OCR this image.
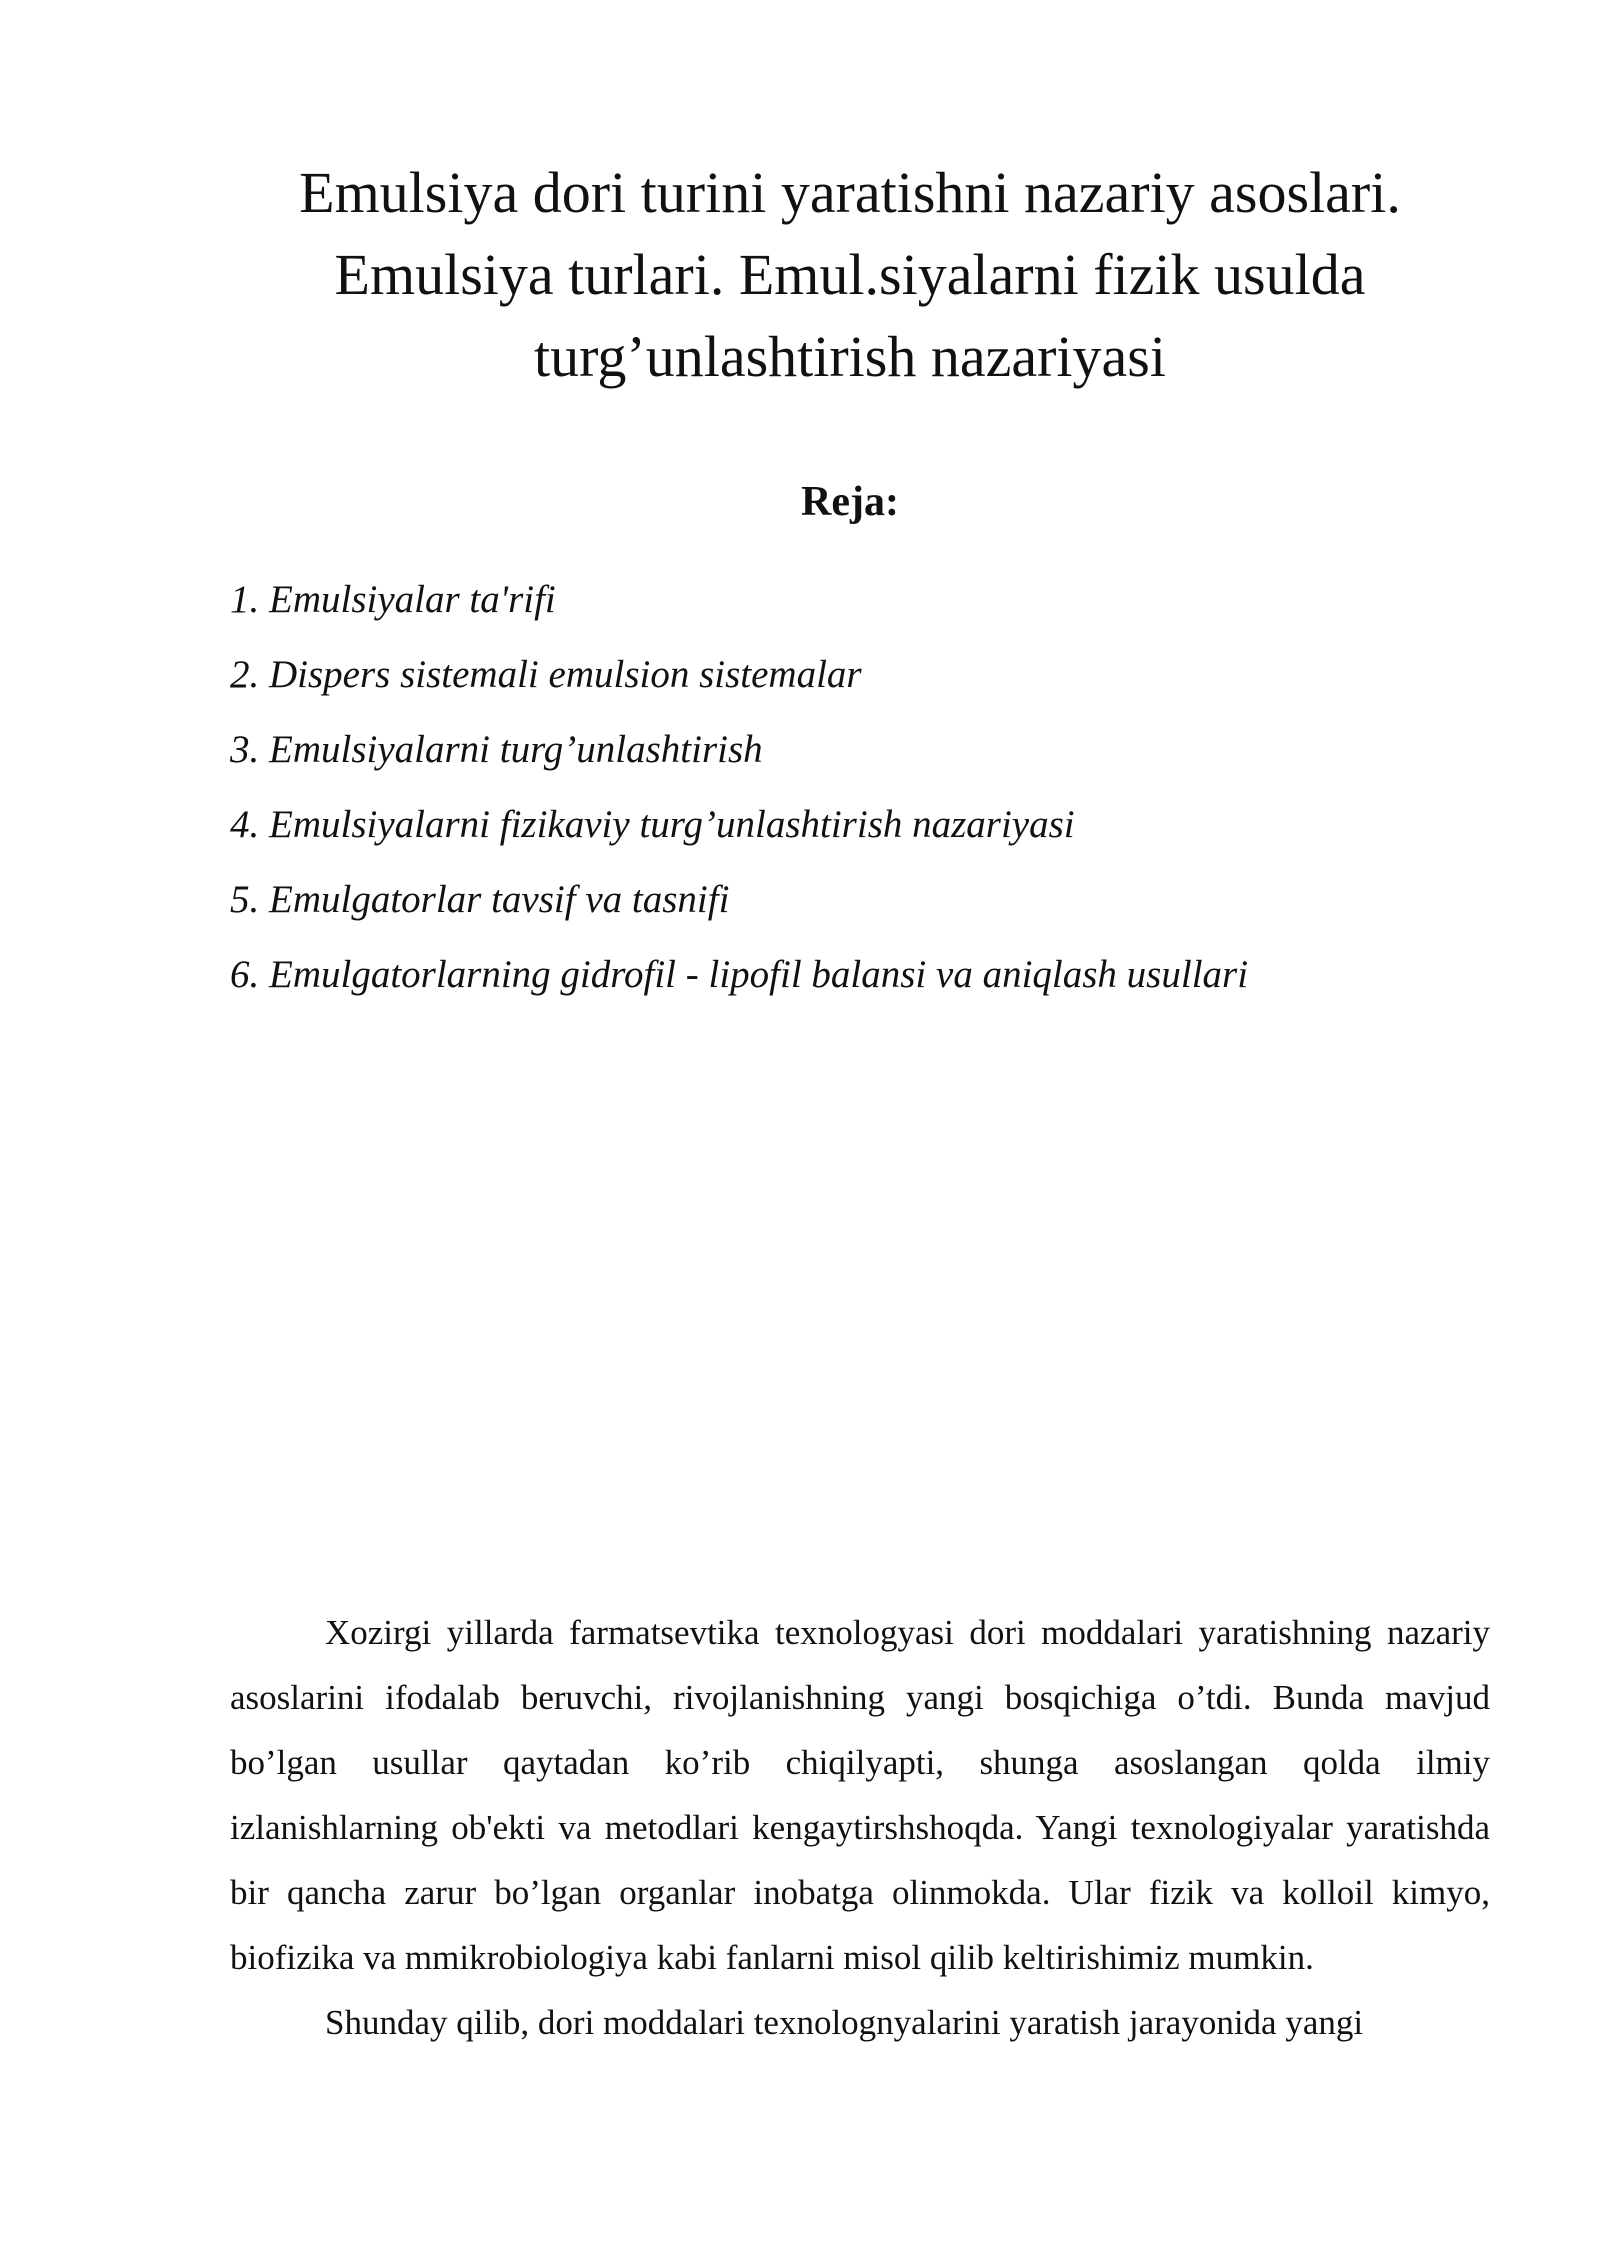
Emulsiya dori turini yaratishni nazariy asoslari.
Emulsiya turlari. Emul.siyalarni fizik usulda
turg’unlashtirish nazariyasi
Reja:
1. Emulsiyalar ta'rifi
2. Dispers sistemali emulsion sistemalar
3. Emulsiyalarni turg’unlashtirish
4. Emulsiyalarni fizikaviy turg’unlashtirish nazariyasi
5. Emulgatorlar tavsif va tasnifi
6. Emulgatorlarning gidrofil - lipofil balansi va aniqlash usullari

Xozirgi yillarda farmatsevtika texnologyasi dori moddalari yaratishning nazariy asoslarini ifodalab beruvchi, rivojlanishning yangi bosqichiga o’tdi. Bunda mavjud bo’lgan usullar qaytadan ko’rib chiqilyapti, shunga asoslangan qolda ilmiy izlanishlarning ob'ekti va metodlari kengaytirshshoqda. Yangi texnologiyalar yaratishda bir qancha zarur bo’lgan organlar inobatga olinmokda. Ular fizik va kolloil kimyo, biofizika va mmikrobiologiya kabi fanlarni misol qilib keltirishimiz mumkin.

Shunday qilib, dori moddalari texnolognyalarini yaratish jarayonida yangi
